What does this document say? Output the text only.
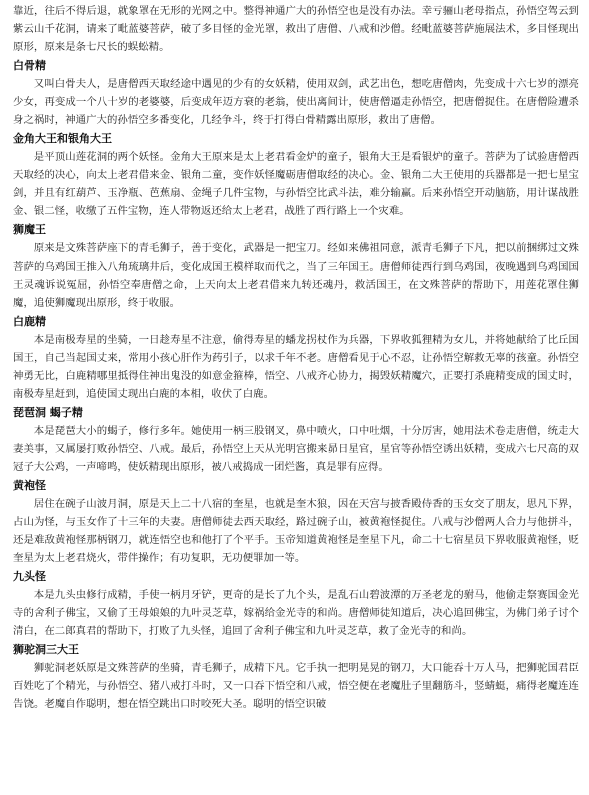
靠近，往后不得后退，就象罩在无形的光网之中。整得神通广大的孙悟空也是没有办法。幸亏骊山老母指点，孙悟空驾云到紫云山千花洞，请来了毗蓝婆菩萨，破了多目怪的金光罩，救出了唐僧、八戒和沙僧。经毗蓝婆菩萨施展法术，多目怪现出原形，原来是条七尺长的蜈蚣精。

白骨精

又叫白骨夫人，是唐僧西天取经途中遇见的少有的女妖精，使用双剑，武艺出色，想吃唐僧肉，先变成十六七岁的漂亮少女，再变成一个八十岁的老婆婆，后变成年迈方衰的老翁，使出离间计，使唐僧逼走孙悟空，把唐僧捉住。在唐僧险遭杀身之祸时，神通广大的孙悟空多番变化，几经争斗，终于打得白骨精露出原形，救出了唐僧。

金角大王和银角大王

是平顶山莲花洞的两个妖怪。金角大王原来是太上老君看金炉的童子，银角大王是看银炉的童子。菩萨为了试验唐僧西天取经的决心，向太上老君借来金、银角二童，变作妖怪魔砺唐僧取经的决心。金、银角二大王使用的兵器都是一把七星宝剑，并且有红葫芦、玉净瓶、芭蕉扇、金绳子几件宝物，与孙悟空比武斗法，难分输赢。后来孙悟空开动脑筋，用计谋战胜金、银二怪，收缴了五件宝物，连人带物返还给太上老君，战胜了西行路上一个灾难。

狮魔王

原来是文殊菩萨座下的青毛狮子，善于变化，武器是一把宝刀。经如来佛祖同意，派青毛狮子下凡，把以前捆绑过文殊菩萨的乌鸡国王推入八角琉璃井后，变化成国王模样取而代之，当了三年国王。唐僧师徒西行到乌鸡国，夜晚遇到乌鸡国国王灵魂诉说冤屈，孙悟空奉唐僧之命，上天向太上老君借来九转还魂丹，救活国王，在文殊菩萨的帮助下，用莲花罩住狮魔，追使狮魔现出原形，终于收服。

白鹿精

本是南极寿星的坐骑，一日趁寿星不注意，偷得寿星的蟠龙拐杖作为兵器，下界收狐狸精为女儿，并将她献给了比丘国国王，自己当起国丈来，常用小孩心肝作为药引子，以求千年不老。唐僧看见于心不忍，让孙悟空解救无辜的孩童。孙悟空神勇无比，白鹿精哪里抵得住神出鬼没的如意金箍棒，悟空、八戒齐心协力，揭毁妖精魔穴，正要打杀鹿精变成的国丈时，南极寿星赶到，追使国丈现出白鹿的本相，收伏了白鹿。

琵琶洞 蝎子精

本是琵琶大小的蝎子，修行多年。她使用一柄三股钢叉，鼻中喷火，口中吐烟，十分厉害，她用法术卷走唐僧，统走大妻美事，又属屡打败孙悟空、八戒。最后，孙悟空上天从光明宫搬来昴日星官，星官等孙悟空诱出妖精，变成六七尺高的双冠子大公鸡，一声啼鸣，使妖精现出原形，被八戒捣成一团烂酱，真是罪有应得。

黄袍怪

居住在碗子山波月洞，原是天上二十八宿的奎星，也就是奎木狼，因在天宫与披香殿侍香的玉女交了朋友，思凡下界，占山为怪，与玉女作了十三年的夫妻。唐僧师徒去西天取经，路过碗子山，被黄袍怪捉住。八戒与沙僧两人合力与他拼斗，还是难敌黄袍怪那柄钢刀，就连悟空也和他打了个平手。玉帝知道黄袍怪是奎星下凡，命二十七宿星员下界收服黄袍怪，贬奎星为太上老君烧火，带伴操作；有功复职，无功便罪加一等。

九头怪

本是九头虫修行成精，手使一柄月牙铲，更奇的是长了九个头，是乱石山碧波潭的万圣老龙的驸马，他偷走祭赛国金光寺的舍利子佛宝，又偷了王母娘娘的九叶灵芝草，嫁祸给金光寺的和尚。唐僧师徒知道后，决心追回佛宝，为佛门弟子讨个清白，在二郎真君的帮助下，打败了九头怪，追回了舍利子佛宝和九叶灵芝草，救了金光寺的和尚。

狮驼洞三大王

狮驼洞老妖原是文殊菩萨的坐骑，青毛狮子，成精下凡。它手执一把明晃晃的钢刀，大口能吞十万人马，把狮驼国君臣百姓吃了个精光，与孙悟空、猪八戒打斗时，又一口吞下悟空和八戒，悟空便在老魔肚子里翻筋斗，竖蜻蜓，痛得老魔连连告饶。老魔自作聪明，想在悟空跳出口时咬死大圣。聪明的悟空识破
